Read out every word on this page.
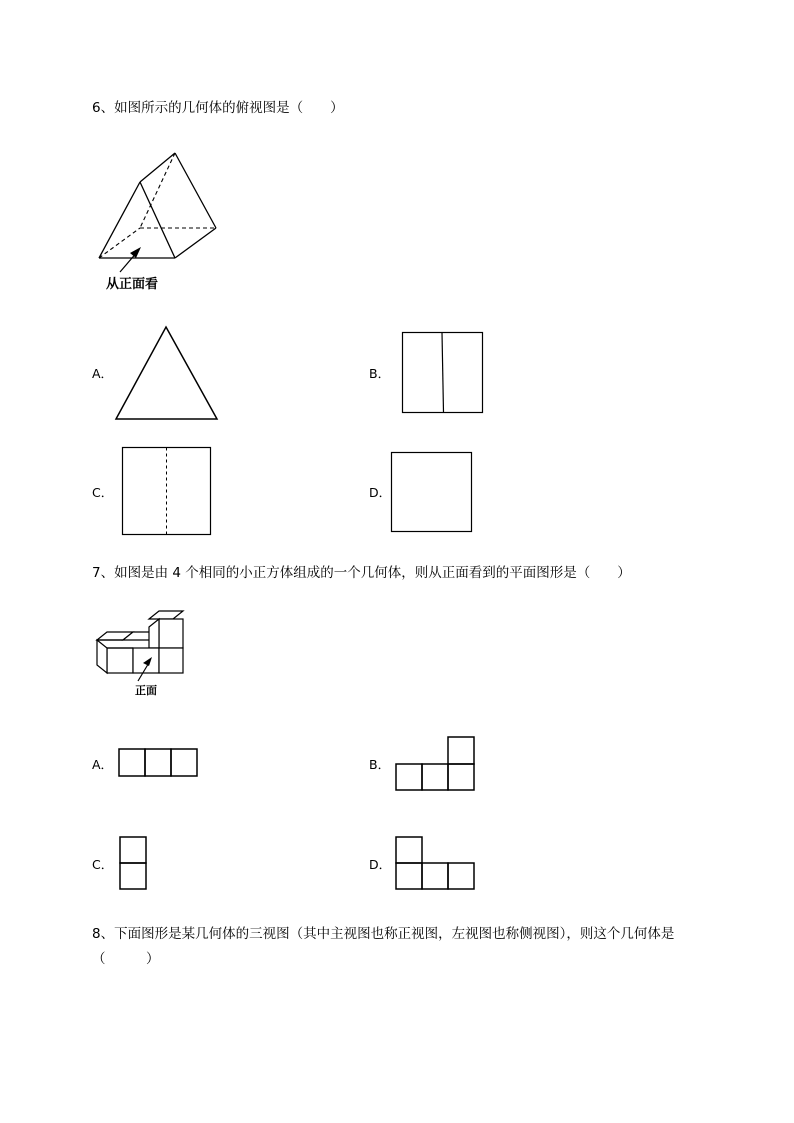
6、如图所示的几何体的俯视图是（　　）
从正面看
A．	B．
C．	D．
7、如图是由 4 个相同的小正方体组成的一个几何体，则从正面看到的平面图形是（　　）
正面
A．	B．
C．	D．
8、下面图形是某几何体的三视图（其中主视图也称正视图，左视图也称侧视图），则这个几何体是
（　　　）
